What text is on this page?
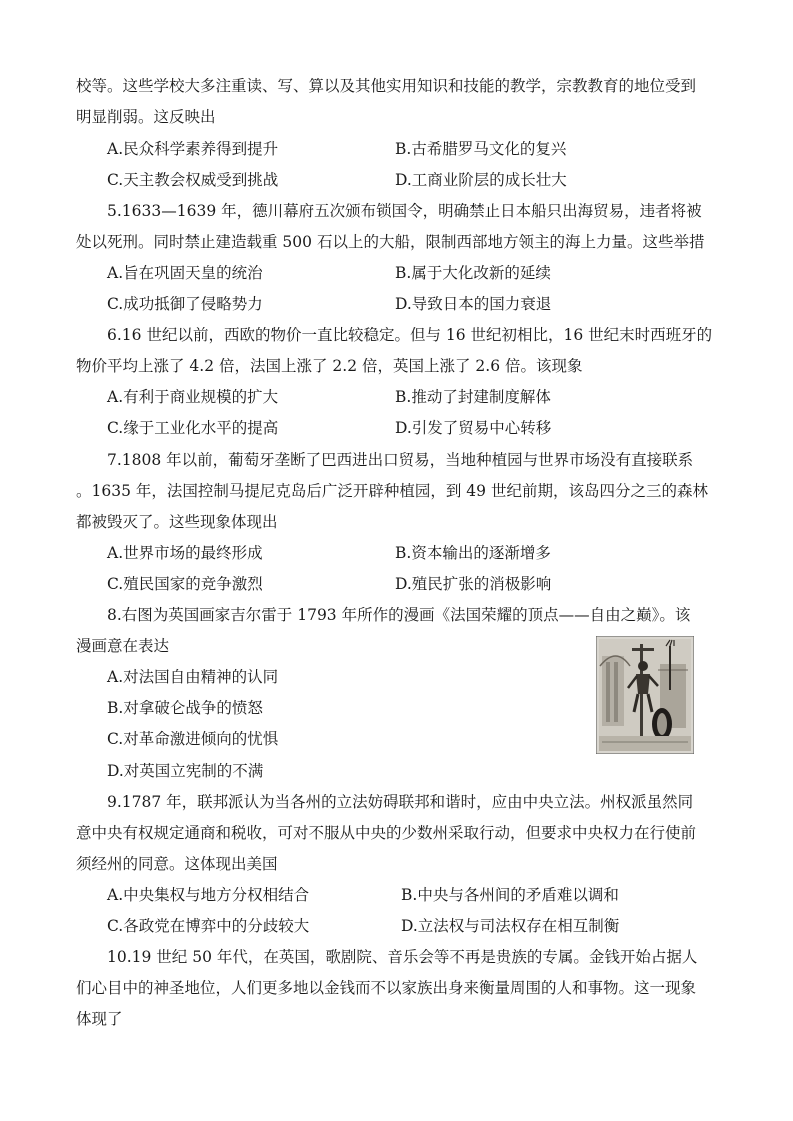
校等。这些学校大多注重读、写、算以及其他实用知识和技能的教学，宗教教育的地位受到
明显削弱。这反映出
A.民众科学素养得到提升	B.古希腊罗马文化的复兴
C.天主教会权威受到挑战	D.工商业阶层的成长壮大
5.1633—1639 年，德川幕府五次颁布锁国令，明确禁止日本船只出海贸易，违者将被
处以死刑。同时禁止建造载重 500 石以上的大船，限制西部地方领主的海上力量。这些举措
A.旨在巩固天皇的统治	B.属于大化改新的延续
C.成功抵御了侵略势力	D.导致日本的国力衰退
6.16 世纪以前，西欧的物价一直比较稳定。但与 16 世纪初相比，16 世纪末时西班牙的
物价平均上涨了 4.2 倍，法国上涨了 2.2 倍，英国上涨了 2.6 倍。该现象
A.有利于商业规模的扩大	B.推动了封建制度解体
C.缘于工业化水平的提高	D.引发了贸易中心转移
7.1808 年以前，葡萄牙垄断了巴西进出口贸易，当地种植园与世界市场没有直接联系
。1635 年，法国控制马提尼克岛后广泛开辟种植园，到 49 世纪前期，该岛四分之三的森林
都被毁灭了。这些现象体现出
A.世界市场的最终形成	B.资本输出的逐渐增多
C.殖民国家的竞争激烈	D.殖民扩张的消极影响
8.右图为英国画家吉尔雷于 1793 年所作的漫画《法国荣耀的顶点——自由之巅》。该
漫画意在表达
A.对法国自由精神的认同
B.对拿破仑战争的愤怒
C.对革命激进倾向的忧惧
D.对英国立宪制的不满
9.1787 年，联邦派认为当各州的立法妨碍联邦和谐时，应由中央立法。州权派虽然同
意中央有权规定通商和税收，可对不服从中央的少数州采取行动，但要求中央权力在行使前
须经州的同意。这体现出美国
A.中央集权与地方分权相结合	B.中央与各州间的矛盾难以调和
C.各政党在博弈中的分歧较大	D.立法权与司法权存在相互制衡
10.19 世纪 50 年代，在英国，歌剧院、音乐会等不再是贵族的专属。金钱开始占据人
们心目中的神圣地位，人们更多地以金钱而不以家族出身来衡量周围的人和事物。这一现象
体现了
